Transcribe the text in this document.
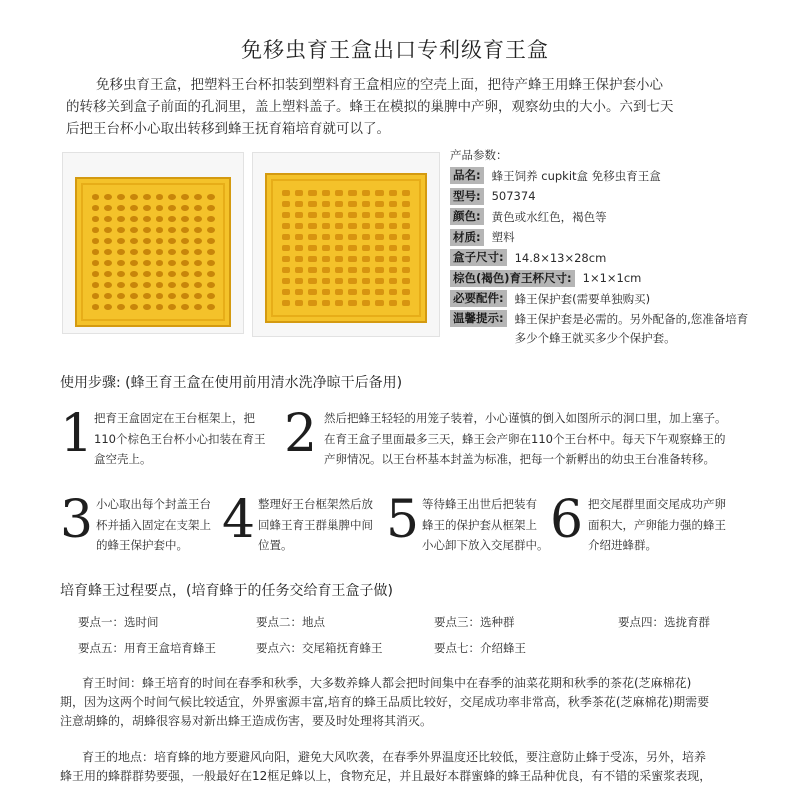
免移虫育王盒出口专利级育王盒
免移虫育王盒，把塑料王台杯扣装到塑料育王盒相应的空壳上面，把待产蜂王用蜂王保护套小心
的转移关到盒子前面的孔洞里，盖上塑料盖子。蜂王在模拟的巢脾中产卵，观察幼虫的大小。六到七天
后把王台杯小心取出转移到蜂王抚育箱培育就可以了。
产品参数：
品名: 蜂王饲养 cupkit盒 免移虫育王盒
型号: 507374
颜色: 黄色或水红色，褐色等
材质: 塑料
盒子尺寸: 14.8×13×28cm
棕色(褐色)育王杯尺寸: 1×1×1cm
必要配件: 蜂王保护套(需要单独购买)
温馨提示: 蜂王保护套是必需的。另外配备的,您准备培育多少个蜂王就买多少个保护套。
使用步骤: (蜂王育王盒在使用前用清水洗净晾干后备用)
1 把育王盒固定在王台框架上，把
110个棕色王台杯小心扣装在育王
盒空壳上。	2 然后把蜂王轻轻的用笼子装着，小心谨慎的倒入如图所示的洞口里，加上塞子。
在育王盒子里面最多三天，蜂王会产卵在110个王台杯中。每天下午观察蜂王的
产卵情况。以王台杯基本封盖为标准，把每一个新孵出的幼虫王台准备转移。
3 小心取出每个封盖王台
杯并插入固定在支架上
的蜂王保护套中。 4 整理好王台框架然后放
回蜂王育王群巢脾中间
位置。	5 等待蜂王出世后把装有
蜂王的保护套从框架上
小心卸下放入交尾群中。 6 把交尾群里面交尾成功产卵
面积大，产卵能力强的蜂王
介绍进蜂群。
培育蜂王过程要点，(培育蜂于的任务交给育王盒子做)
要点一：选时间	要点二：地点	要点三：选种群	要点四：选拢育群
要点五：用育王盒培育蜂王	要点六：交尾箱抚育蜂王	要点七：介绍蜂王
育王时间：蜂王培育的时间在春季和秋季，大多数养蜂人都会把时间集中在春季的油菜花期和秋季的茶花(芝麻棉花)
期，因为这两个时间气候比较适宜，外界蜜源丰富,培育的蜂王品质比较好，交尾成功率非常高，秋季茶花(芝麻棉花)期需要
注意胡蜂的，胡蜂很容易对新出蜂王造成伤害，要及时处理将其消灭。
育王的地点：培育蜂的地方要避风向阳，避免大风吹袭，在春季外界温度还比较低，要注意防止蜂于受冻，另外，培养
蜂王用的蜂群群势要强，一般最好在12框足蜂以上，食物充足，并且最好本群蜜蜂的蜂王品种优良，有不错的采蜜浆表现，
